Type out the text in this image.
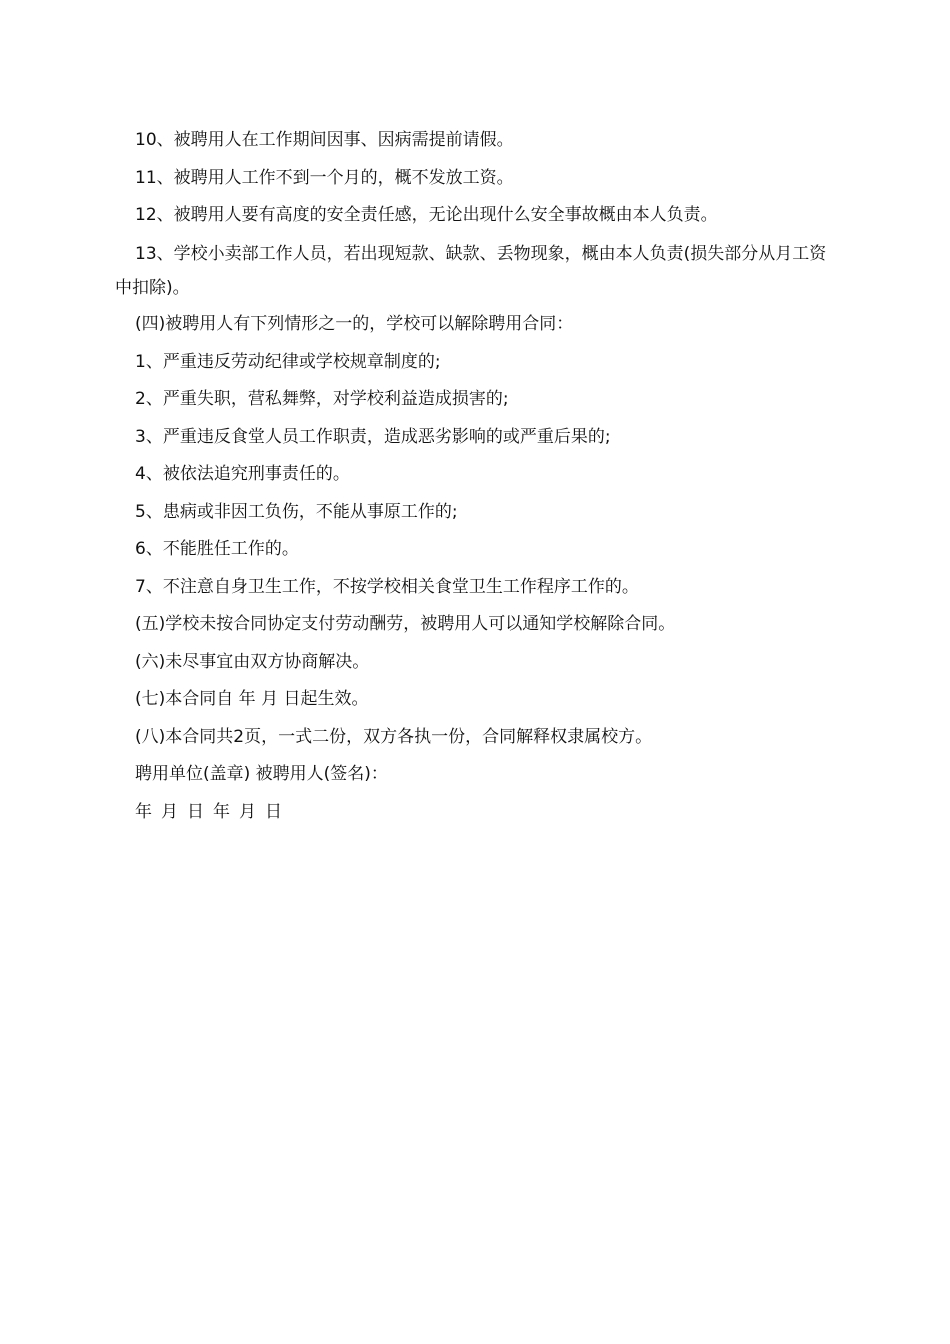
10、被聘用人在工作期间因事、因病需提前请假。

11、被聘用人工作不到一个月的，概不发放工资。

12、被聘用人要有高度的安全责任感，无论出现什么安全事故概由本人负责。

13、学校小卖部工作人员，若出现短款、缺款、丢物现象，概由本人负责(损失部分从月工资中扣除)。

(四)被聘用人有下列情形之一的，学校可以解除聘用合同：

1、严重违反劳动纪律或学校规章制度的;

2、严重失职，营私舞弊，对学校利益造成损害的;

3、严重违反食堂人员工作职责，造成恶劣影响的或严重后果的;

4、被依法追究刑事责任的。

5、患病或非因工负伤，不能从事原工作的;

6、不能胜任工作的。

7、不注意自身卫生工作，不按学校相关食堂卫生工作程序工作的。

(五)学校未按合同协定支付劳动酬劳，被聘用人可以通知学校解除合同。

(六)未尽事宜由双方协商解决。

(七)本合同自 年 月 日起生效。

(八)本合同共2页，一式二份，双方各执一份，合同解释权隶属校方。

聘用单位(盖章) 被聘用人(签名)：

年 月 日 年 月 日
